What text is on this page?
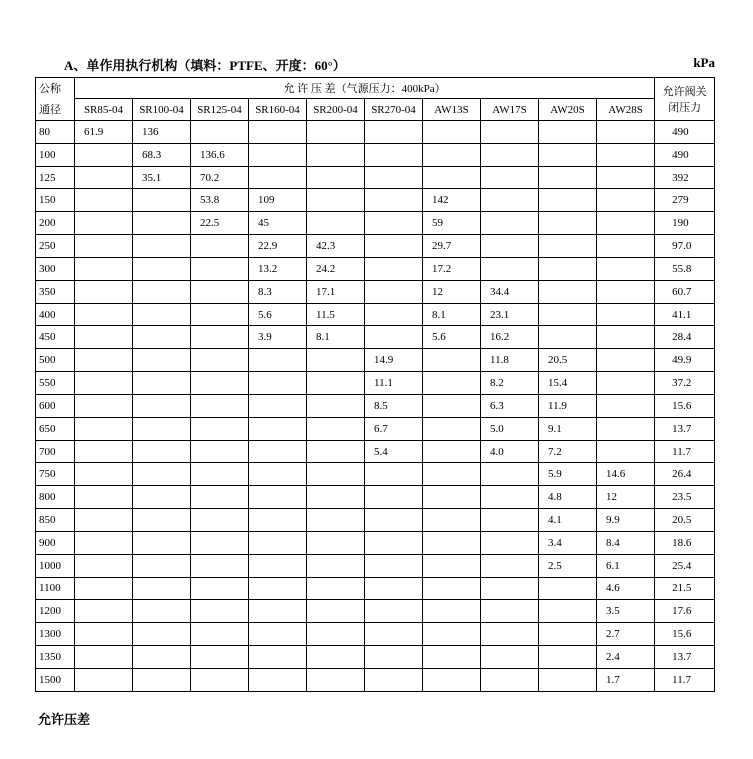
A、单作用执行机构（填料：PTFE、开度：60°）	kPa
公称	允 许 压 差（气源压力：400kPa）										允许阀关
闭压力
通径	SR85-04	SR100-04	SR125-04	SR160-04	SR200-04	SR270-04	AW13S	AW17S	AW20S	AW28S	
80	61.9	136									490
100		68.3	136.6								490
125		35.1	70.2								392
150			53.8	109			142				279
200			22.5	45			59				190
250				22.9	42.3		29.7				97.0
300				13.2	24.2		17.2				55.8
350				8.3	17.1		12	34.4			60.7
400				5.6	11.5		8.1	23.1			41.1
450				3.9	8.1		5.6	16.2			28.4
500						14.9		11.8	20.5		49.9
550						11.1		8.2	15.4		37.2
600						8.5		6.3	11.9		15.6
650						6.7		5.0	9.1		13.7
700						5.4		4.0	7.2		11.7
750									5.9	14.6	26.4
800									4.8	12	23.5
850									4.1	9.9	20.5
900									3.4	8.4	18.6
1000									2.5	6.1	25.4
1100										4.6	21.5
1200										3.5	17.6
1300										2.7	15.6
1350										2.4	13.7
1500										1.7	11.7
允许压差
